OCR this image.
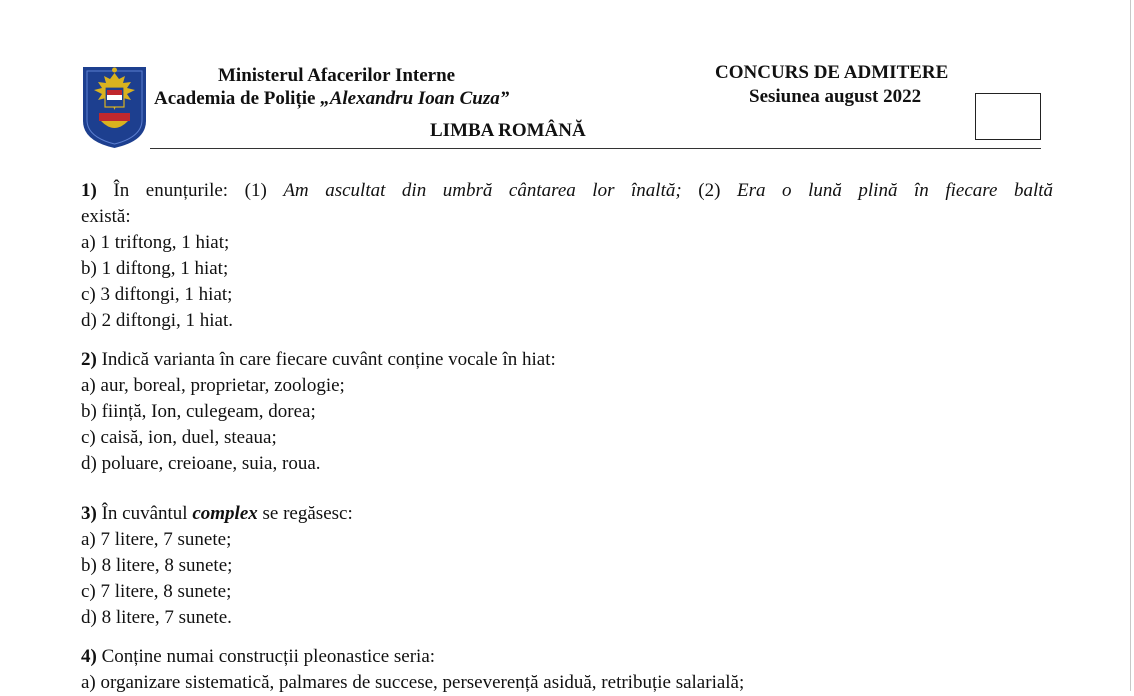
Ministerul Afacerilor Interne
Academia de Poliție „Alexandru Ioan Cuza”
LIMBA ROMÂNĂ
CONCURS DE ADMITERE
Sesiunea august 2022

1) În enunțurile: (1) Am ascultat din umbră cântarea lor înaltă; (2) Era o lună plină în fiecare baltă

există:

a) 1 triftong, 1 hiat;

b) 1 diftong, 1 hiat;

c) 3 diftongi, 1 hiat;

d) 2 diftongi, 1 hiat.

2) Indică varianta în care fiecare cuvânt conține vocale în hiat:

a) aur, boreal, proprietar, zoologie;

b) ființă, Ion, culegeam, dorea;

c) caisă, ion, duel, steaua;

d) poluare, creioane, suia, roua.

3) În cuvântul complex se regăsesc:

a) 7 litere, 7 sunete;

b) 8 litere, 8 sunete;

c) 7 litere, 8 sunete;

d) 8 litere, 7 sunete.

4) Conține numai construcții pleonastice seria:

a) organizare sistematică, palmares de succese, perseverență asiduă, retribuție salarială;
